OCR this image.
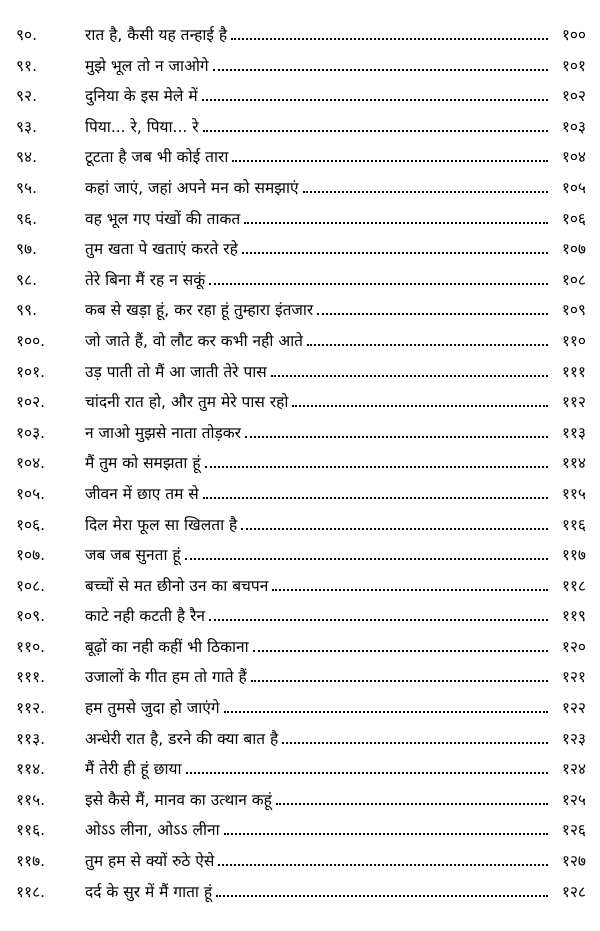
९०.	रात है, कैसी यह तन्हाई है	१००
९१.	मुझे भूल तो न जाओगे	१०१
९२.	दुनिया के इस मेले में	१०२
९३.	पिया... रे, पिया... रे	१०३
९४.	टूटता है जब भी कोई तारा	१०४
९५.	कहां जाएं, जहां अपने मन को समझाएं	१०५
९६.	वह भूल गए पंखों की ताकत	१०६
९७.	तुम खता पे खताएं करते रहे	१०७
९८.	तेरे बिना मैं रह न सकूं	१०८
९९.	कब से खड़ा हूं, कर रहा हूं तुम्हारा इंतजार	१०९
१००.	जो जाते हैं, वो लौट कर कभी नही आते	११०
१०१.	उड़ पाती तो मैं आ जाती तेरे पास	१११
१०२.	चांदनी रात हो, और तुम मेरे पास रहो	११२
१०३.	न जाओ मुझसे नाता तोड़कर	११३
१०४.	मैं तुम को समझता हूं	११४
१०५.	जीवन में छाए तम से	११५
१०६.	दिल मेरा फूल सा खिलता है	११६
१०७.	जब जब सुनता हूं	११७
१०८.	बच्चों से मत छीनो उन का बचपन	११८
१०९.	काटे नही कटती है रैन	११९
११०.	बूढ़ों का नही कहीं भी ठिकाना	१२०
१११.	उजालों के गीत हम तो गाते हैं	१२१
११२.	हम तुमसे जुदा हो जाएंगे	१२२
११३.	अन्धेरी रात है, डरने की क्या बात है	१२३
११४.	मैं तेरी ही हूं छाया	१२४
११५.	इसे कैसे मैं, मानव का उत्थान कहूं	१२५
११६.	ओऽऽ लीना, ओऽऽ लीना	१२६
११७.	तुम हम से क्यों रुठे ऐसे	१२७
११८.	दर्द के सुर में मैं गाता हूं	१२८
